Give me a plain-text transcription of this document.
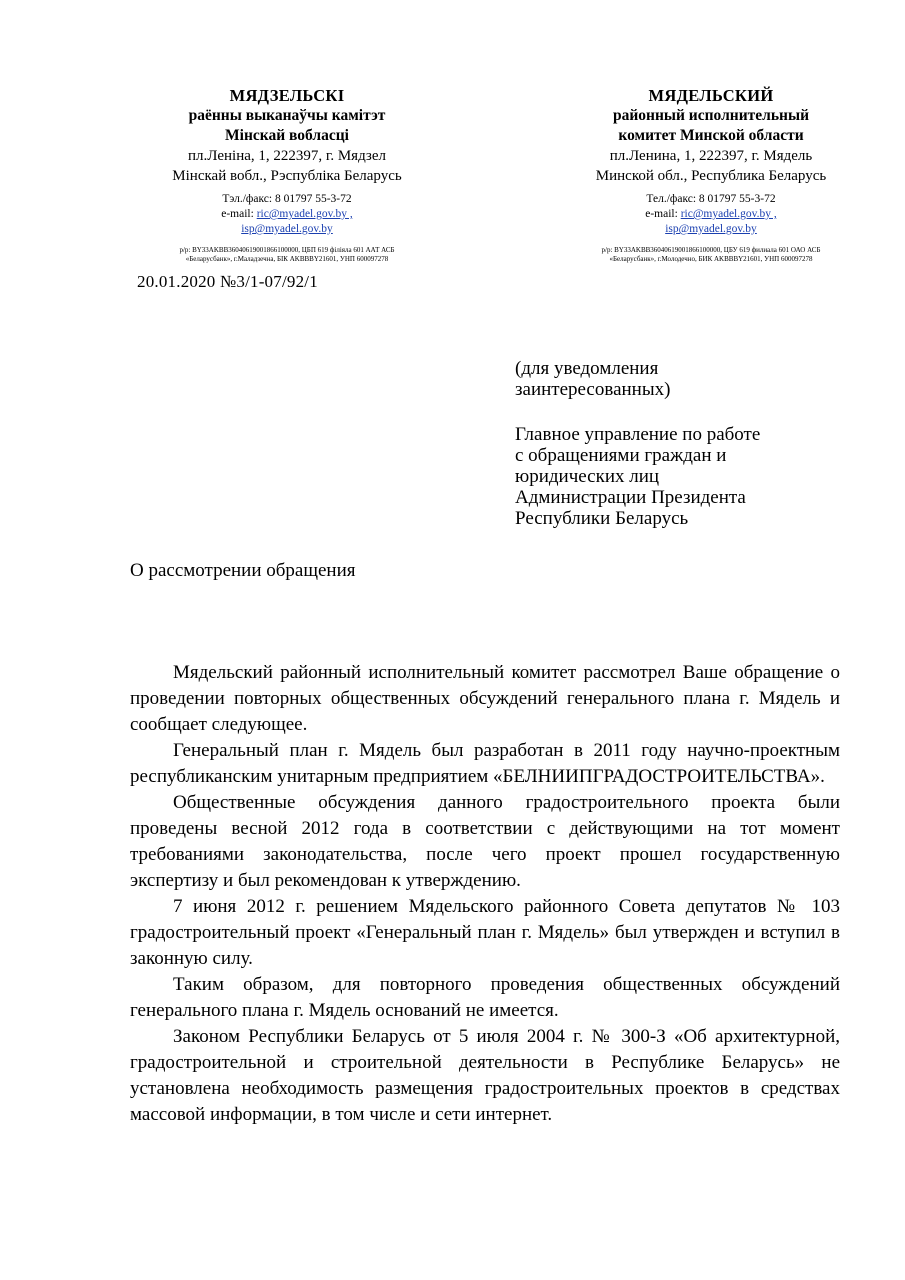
МЯДЗЕЛЬСКІ
раённы выканаўчы камітэт
Мінскай вобласці
пл.Леніна, 1, 222397, г. Мядзел
Мінскай вобл., Рэспубліка Беларусь
Тэл./факс: 8 01797 55-3-72
e-mail: ric@myadel.gov.by ,
isp@myadel.gov.by
р/р: BY33AKBB36040619001866100000, ЦБП 619 філіяла 601 ААТ АСБ
«Беларусбанк», г.Маладзечна, БІК AKBBBY21601, УНП 600097278
МЯДЕЛЬСКИЙ
районный исполнительный
комитет Минской области
пл.Ленина, 1, 222397, г. Мядель
Минской обл., Республика Беларусь
Тел./факс: 8 01797 55-3-72
e-mail: ric@myadel.gov.by ,
isp@myadel.gov.by
р/р: BY33AKBB36040619001866100000, ЦБУ 619 филиала 601 ОАО АСБ
«Беларусбанк», г.Молодечно, БИК AKBBBY21601, УНП 600097278
20.01.2020 №3/1-07/92/1
(для уведомления
заинтересованных)
Главное управление по работе
с обращениями граждан и
юридических лиц
Администрации Президента
Республики Беларусь
О рассмотрении обращения

Мядельский районный исполнительный комитет рассмотрел Ваше обращение о проведении повторных общественных обсуждений генерального плана г. Мядель и сообщает следующее.

Генеральный план г. Мядель был разработан в 2011 году научно-проектным республиканским унитарным предприятием «БЕЛНИИПГРАДОСТРОИТЕЛЬСТВА».

Общественные обсуждения данного градостроительного проекта были проведены весной 2012 года в соответствии с действующими на тот момент требованиями законодательства, после чего проект прошел государственную экспертизу и был рекомендован к утверждению.

7 июня 2012 г. решением Мядельского районного Совета депутатов № 103 градостроительный проект «Генеральный план г. Мядель» был утвержден и вступил в законную силу.

Таким образом, для повторного проведения общественных обсуждений генерального плана г. Мядель оснований не имеется.

Законом Республики Беларусь от 5 июля 2004 г. № 300-З «Об архитектурной, градостроительной и строительной деятельности в Республике Беларусь» не установлена необходимость размещения градостроительных проектов в средствах массовой информации, в том числе и сети интернет.
